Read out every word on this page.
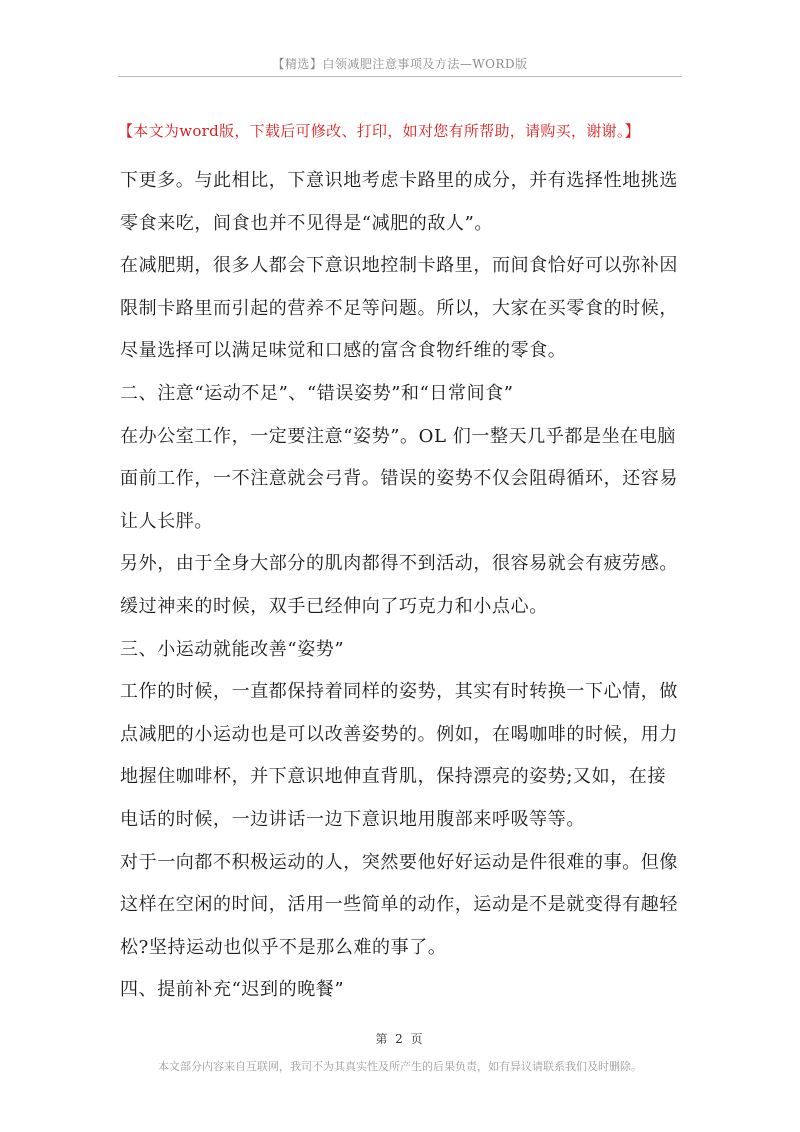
【精选】白领减肥注意事项及方法—WORD版
【本文为word版，下载后可修改、打印，如对您有所帮助，请购买，谢谢。】
下更多。与此相比，下意识地考虑卡路里的成分，并有选择性地挑选
零食来吃，间食也并不见得是“减肥的敌人”。
在减肥期，很多人都会下意识地控制卡路里，而间食恰好可以弥补因
限制卡路里而引起的营养不足等问题。所以，大家在买零食的时候，
尽量选择可以满足味觉和口感的富含食物纤维的零食。
二、注意“运动不足”、“错误姿势”和“日常间食”
在办公室工作，一定要注意“姿势”。OL 们一整天几乎都是坐在电脑
面前工作，一不注意就会弓背。错误的姿势不仅会阻碍循环，还容易
让人长胖。
另外，由于全身大部分的肌肉都得不到活动，很容易就会有疲劳感。
缓过神来的时候，双手已经伸向了巧克力和小点心。
三、小运动就能改善“姿势”
工作的时候，一直都保持着同样的姿势，其实有时转换一下心情，做
点减肥的小运动也是可以改善姿势的。例如，在喝咖啡的时候，用力
地握住咖啡杯，并下意识地伸直背肌，保持漂亮的姿势;又如，在接
电话的时候，一边讲话一边下意识地用腹部来呼吸等等。
对于一向都不积极运动的人，突然要他好好运动是件很难的事。但像
这样在空闲的时间，活用一些简单的动作，运动是不是就变得有趣轻
松?坚持运动也似乎不是那么难的事了。
四、提前补充“迟到的晚餐”
第 2 页
本文部分内容来自互联网，我司不为其真实性及所产生的后果负责，如有异议请联系我们及时删除。
